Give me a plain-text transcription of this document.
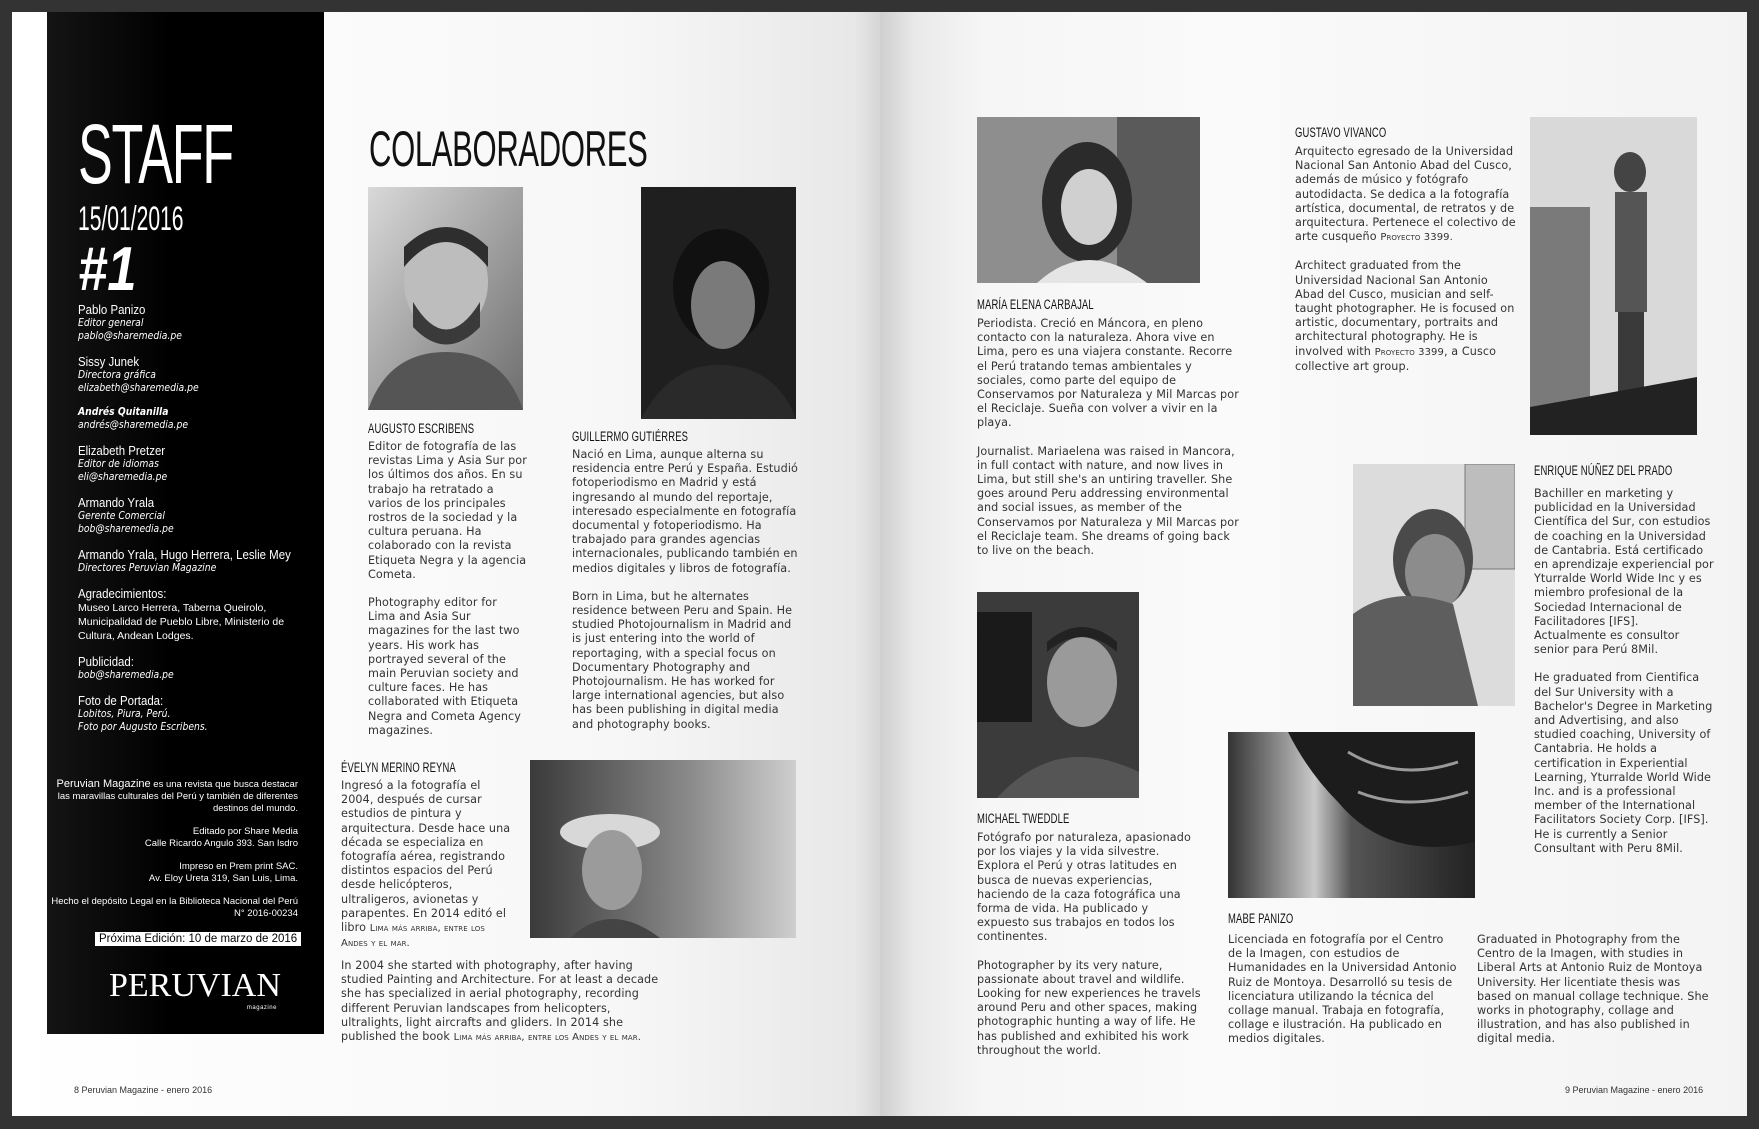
STAFF
15/01/2016
#1
Pablo Panizo
Editor general
pablo@sharemedia.pe
Sissy Junek
Directora gráfica
elizabeth@sharemedia.pe
Andrés Quitanilla
andrés@sharemedia.pe
Elizabeth Pretzer
Editor de idiomas
eli@sharemedia.pe
Armando Yrala
Gerente Comercial
bob@sharemedia.pe
Armando Yrala, Hugo Herrera, Leslie Mey
Directores Peruvian Magazine
Agradecimientos:
Museo Larco Herrera, Taberna Queirolo, Municipalidad de Pueblo Libre, Ministerio de Cultura, Andean Lodges.
Publicidad:
bob@sharemedia.pe
Foto de Portada:
Lobitos, Piura, Perú.
Foto por Augusto Escribens.

Peruvian Magazine es una revista que busca destacar las maravillas culturales del Perú y también de diferentes destinos del mundo.

Editado por Share Media
Calle Ricardo Angulo 393. San Isdro

Impreso en Prem print SAC.
Av. Eloy Ureta 319, San Luis, Lima.

Hecho el depósito Legal en la Biblioteca Nacional del Perú
N° 2016-00234

Próxima Edición: 10 de marzo de 2016
PERUVIAN
magazine
COLABORADORES
AUGUSTO ESCRIBENS

Editor de fotografía de las revistas Lima y Asia Sur por los últimos dos años. En su trabajo ha retratado a varios de los principales rostros de la sociedad y la cultura peruana. Ha colaborado con la revista Etiqueta Negra y la agencia Cometa.

Photography editor for Lima and Asia Sur magazines for the last two years. His work has portrayed several of the main Peruvian society and culture faces. He has collaborated with Etiqueta Negra and Cometa Agency magazines.

GUILLERMO GUTIÉRRES

Nació en Lima, aunque alterna su residencia entre Perú y España. Estudió fotoperiodismo en Madrid y está ingresando al mundo del reportaje, interesado especialmente en fotografía documental y fotoperiodismo. Ha trabajado para grandes agencias internacionales, publicando también en medios digitales y libros de fotografía.

Born in Lima, but he alternates residence between Peru and Spain. He studied Photojournalism in Madrid and is just entering into the world of reportaging, with a special focus on Documentary Photography and Photojournalism. He has worked for large international agencies, but also has been publishing in digital media and photography books.

ÉVELYN MERINO REYNA

Ingresó a la fotografía el 2004, después de cursar estudios de pintura y arquitectura. Desde hace una década se especializa en fotografía aérea, registrando distintos espacios del Perú desde helicópteros, ultraligeros, avionetas y parapentes. En 2014 editó el libro Lima más arriba, entre los Andes y el mar.

In 2004 she started with photography, after having studied Painting and Architecture. For at least a decade she has specialized in aerial photography, recording different Peruvian landscapes from helicopters, ultralights, light aircrafts and gliders. In 2014 she published the book Lima más arriba, entre los Andes y el mar.

8 Peruvian Magazine - enero 2016
MARÍA ELENA CARBAJAL

Periodista. Creció en Máncora, en pleno contacto con la naturaleza. Ahora vive en Lima, pero es una viajera constante. Recorre el Perú tratando temas ambientales y sociales, como parte del equipo de Conservamos por Naturaleza y Mil Marcas por el Reciclaje. Sueña con volver a vivir en la playa.

Journalist. Mariaelena was raised in Mancora, in full contact with nature, and now lives in Lima, but still she's an untiring traveller. She goes around Peru addressing environmental and social issues, as member of the Conservamos por Naturaleza y Mil Marcas por el Reciclaje team. She dreams of going back to live on the beach.

GUSTAVO VIVANCO

Arquitecto egresado de la Universidad Nacional San Antonio Abad del Cusco, además de músico y fotógrafo autodidacta. Se dedica a la fotografía artística, documental, de retratos y de arquitectura. Pertenece el colectivo de arte cusqueño Proyecto 3399.

Architect graduated from the Universidad Nacional San Antonio Abad del Cusco, musician and self-taught photographer. He is focused on artistic, documentary, portraits and architectural photography. He is involved with Proyecto 3399, a Cusco collective art group.

ENRIQUE NÚÑEZ DEL PRADO

Bachiller en marketing y publicidad en la Universidad Científica del Sur, con estudios de coaching en la Universidad de Cantabria. Está certificado en aprendizaje experiencial por Yturralde World Wide Inc y es miembro profesional de la Sociedad Internacional de Facilitadores [IFS]. Actualmente es consultor senior para Perú 8Mil.

He graduated from Cientifica del Sur University with a Bachelor's Degree in Marketing and Advertising, and also studied coaching, University of Cantabria. He holds a certification in Experiential Learning, Yturralde World Wide Inc. and is a professional member of the International Facilitators Society Corp. [IFS]. He is currently a Senior Consultant with Peru 8Mil.

MICHAEL TWEDDLE

Fotógrafo por naturaleza, apasionado por los viajes y la vida silvestre. Explora el Perú y otras latitudes en busca de nuevas experiencias, haciendo de la caza fotográfica una forma de vida. Ha publicado y expuesto sus trabajos en todos los continentes.

Photographer by its very nature, passionate about travel and wildlife. Looking for new experiences he travels around Peru and other spaces, making photographic hunting a way of life. He has published and exhibited his work throughout the world.

MABE PANIZO

Licenciada en fotografía por el Centro de la Imagen, con estudios de Humanidades en la Universidad Antonio Ruiz de Montoya. Desarrolló su tesis de licenciatura utilizando la técnica del collage manual. Trabaja en fotografía, collage e ilustración. Ha publicado en medios digitales.

Graduated in Photography from the Centro de la Imagen, with studies in Liberal Arts at Antonio Ruiz de Montoya University. Her licentiate thesis was based on manual collage technique. She works in photography, collage and illustration, and has also published in digital media.

9 Peruvian Magazine - enero 2016
